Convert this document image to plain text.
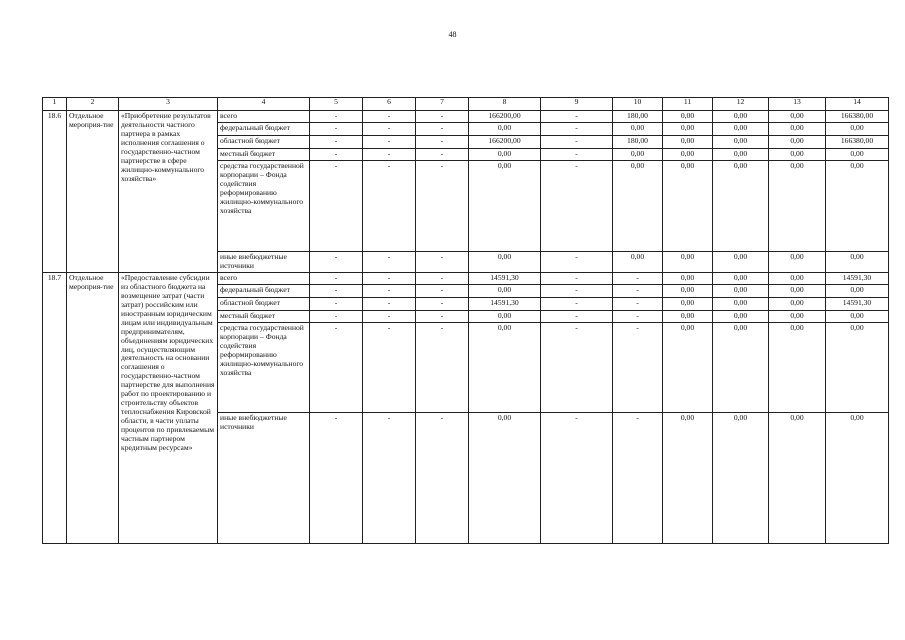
48
1	2	3	4	5	6	7	8	9	10	11	12	13	14
18.6	Отдельное мероприя-тие	«Приобретение результатов деятельности частного партнера в рамках исполнения соглашения о государственно-частном партнерстве в сфере жилищно-коммунального хозяйства»	всего	-	-	-	166200,00	-	180,00	0,00	0,00	0,00	166380,00
			федеральный бюджет	-	-	-	0,00	-	0,00	0,00	0,00	0,00	0,00
			областной бюджет	-	-	-	166200,00	-	180,00	0,00	0,00	0,00	166380,00
			местный бюджет	-	-	-	0,00	-	0,00	0,00	0,00	0,00	0,00
			средства государственной корпорации – Фонда содействия реформированию жилищно-коммунального хозяйства	-	-	-	0,00	-	0,00	0,00	0,00	0,00	0,00
			иные внебюджетные источники	-	-	-	0,00	-	0,00	0,00	0,00	0,00	0,00
18.7	Отдельное мероприя-тие	«Предоставление субсидии из областного бюджета на возмещение затрат (части затрат) российским или иностранным юридическим лицам или индивидуальным предпринимателям, объединениям юридических лиц, осуществляющим деятельность на основании соглашения о государственно-частном партнерстве для выполнения работ по проектированию и строительству объектов теплоснабжения Кировской области, в части уплаты процентов по привлекаемым частным партнером кредитным ресурсам»	всего	-	-	-	14591,30	-	-	0,00	0,00	0,00	14591,30
			федеральный бюджет	-	-	-	0,00	-	-	0,00	0,00	0,00	0,00
			областной бюджет	-	-	-	14591,30	-	-	0,00	0,00	0,00	14591,30
			местный бюджет	-	-	-	0,00	-	-	0,00	0,00	0,00	0,00
			средства государственной корпорации – Фонда содействия реформированию жилищно-коммунального хозяйства	-	-	-	0,00	-	-	0,00	0,00	0,00	0,00
			иные внебюджетные источники	-	-	-	0,00	-	-	0,00	0,00	0,00	0,00
